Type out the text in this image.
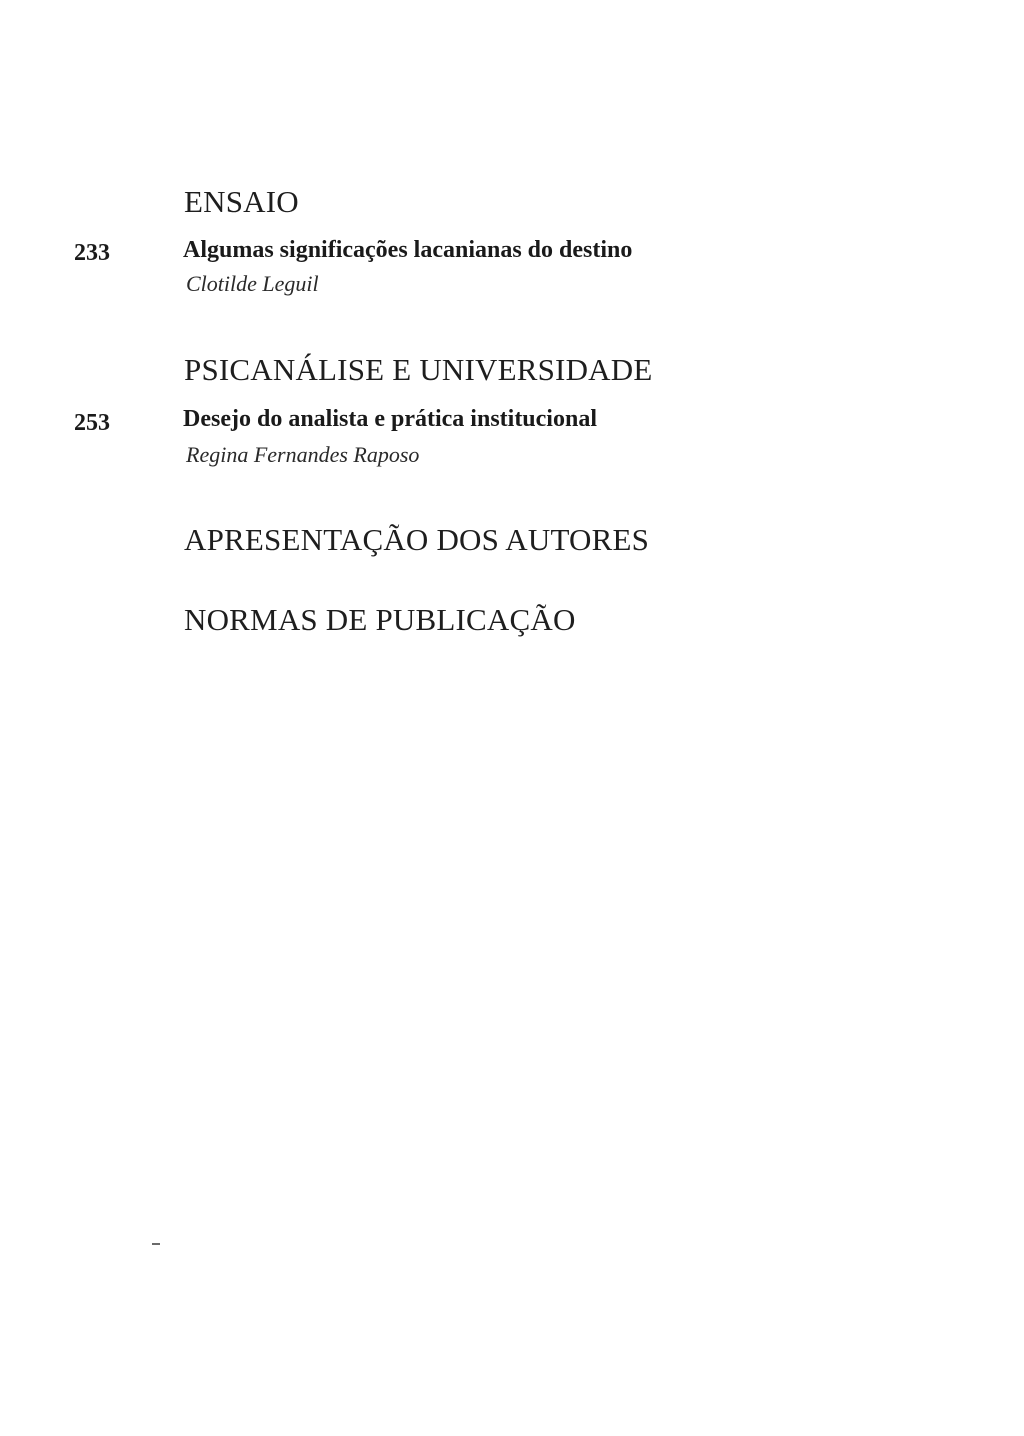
ENSAIO
233	Algumas significações lacanianas do destino
Clotilde Leguil
PSICANÁLISE E UNIVERSIDADE
253	Desejo do analista e prática institucional
Regina Fernandes Raposo
APRESENTAÇÃO DOS AUTORES
NORMAS DE PUBLICAÇÃO
